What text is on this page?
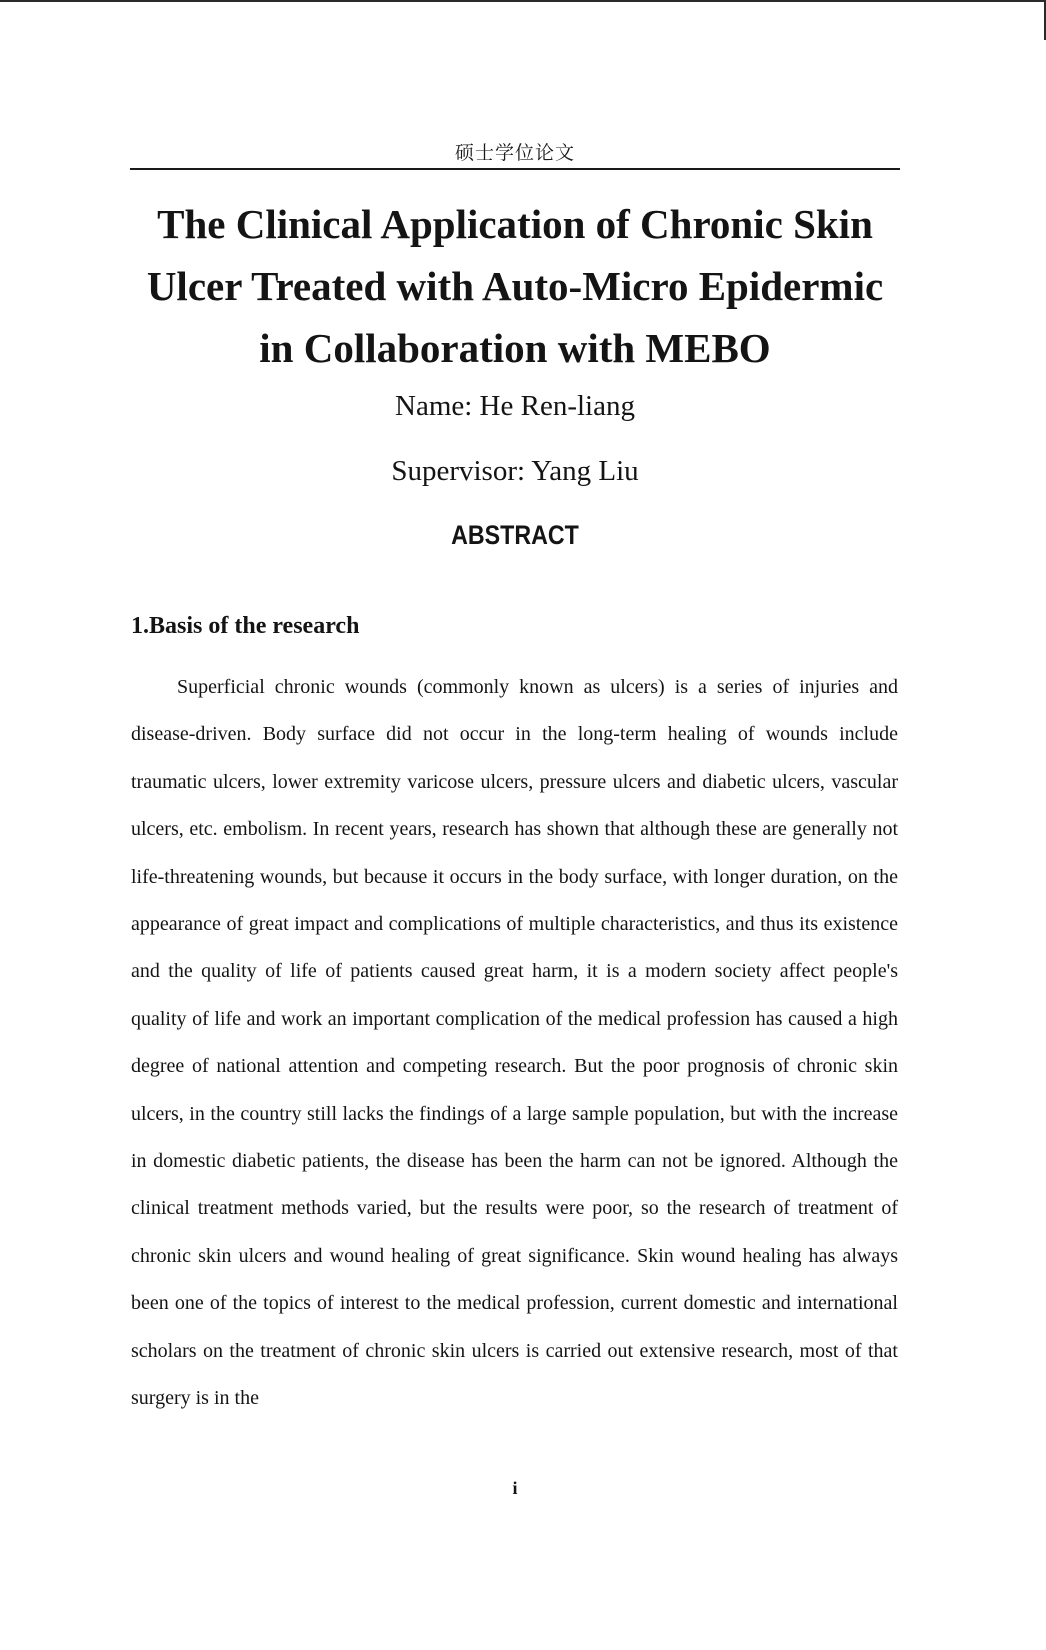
硕士学位论文
The Clinical Application of Chronic Skin
Ulcer Treated with Auto-Micro Epidermic
in Collaboration with MEBO
Name: He Ren-liang
Supervisor: Yang Liu
ABSTRACT
1.Basis of the research

Superficial chronic wounds (commonly known as ulcers) is a series of injuries and disease-driven. Body surface did not occur in the long-term healing of wounds include traumatic ulcers, lower extremity varicose ulcers, pressure ulcers and diabetic ulcers, vascular ulcers, etc. embolism. In recent years, research has shown that although these are generally not life-threatening wounds, but because it occurs in the body surface, with longer duration, on the appearance of great impact and complications of multiple characteristics, and thus its existence and the quality of life of patients caused great harm, it is a modern society affect people's quality of life and work an important complication of the medical profession has caused a high degree of national attention and competing research. But the poor prognosis of chronic skin ulcers, in the country still lacks the findings of a large sample population, but with the increase in domestic diabetic patients, the disease has been the harm can not be ignored. Although the clinical treatment methods varied, but the results were poor, so the research of treatment of chronic skin ulcers and wound healing of great significance. Skin wound healing has always been one of the topics of interest to the medical profession, current domestic and international scholars on the treatment of chronic skin ulcers is carried out extensive research, most of that surgery is in the

i
